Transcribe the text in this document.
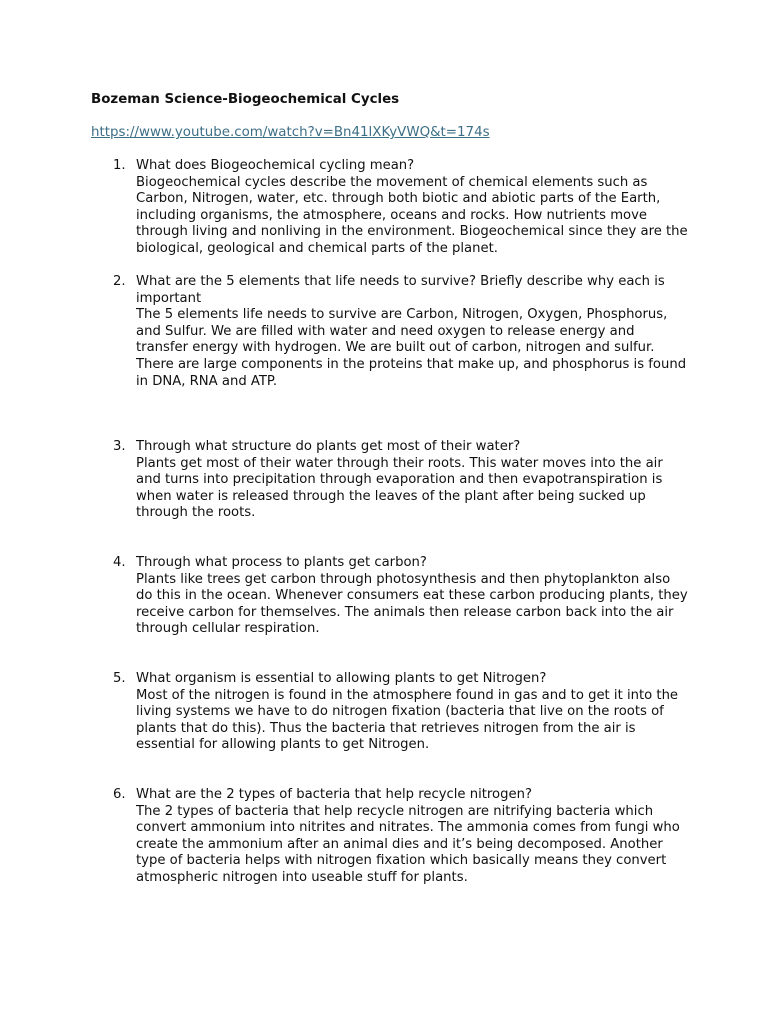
Bozeman Science-Biogeochemical Cycles
https://www.youtube.com/watch?v=Bn41lXKyVWQ&t=174s
1. What does Biogeochemical cycling mean?

Biogeochemical cycles describe the movement of chemical elements such as Carbon, Nitrogen, water, etc. through both biotic and abiotic parts of the Earth, including organisms, the atmosphere, oceans and rocks. How nutrients move through living and nonliving in the environment. Biogeochemical since they are the biological, geological and chemical parts of the planet.

2. What are the 5 elements that life needs to survive? Briefly describe why each is important

The 5 elements life needs to survive are Carbon, Nitrogen, Oxygen, Phosphorus, and Sulfur. We are filled with water and need oxygen to release energy and transfer energy with hydrogen. We are built out of carbon, nitrogen and sulfur. There are large components in the proteins that make up, and phosphorus is found in DNA, RNA and ATP.

3. Through what structure do plants get most of their water?

Plants get most of their water through their roots. This water moves into the air and turns into precipitation through evaporation and then evapotranspiration is when water is released through the leaves of the plant after being sucked up through the roots.

4. Through what process to plants get carbon?

Plants like trees get carbon through photosynthesis and then phytoplankton also do this in the ocean. Whenever consumers eat these carbon producing plants, they receive carbon for themselves. The animals then release carbon back into the air through cellular respiration.

5. What organism is essential to allowing plants to get Nitrogen?

Most of the nitrogen is found in the atmosphere found in gas and to get it into the living systems we have to do nitrogen fixation (bacteria that live on the roots of plants that do this). Thus the bacteria that retrieves nitrogen from the air is essential for allowing plants to get Nitrogen.

6. What are the 2 types of bacteria that help recycle nitrogen?

The 2 types of bacteria that help recycle nitrogen are nitrifying bacteria which convert ammonium into nitrites and nitrates. The ammonia comes from fungi who create the ammonium after an animal dies and it’s being decomposed. Another type of bacteria helps with nitrogen fixation which basically means they convert atmospheric nitrogen into useable stuff for plants.
